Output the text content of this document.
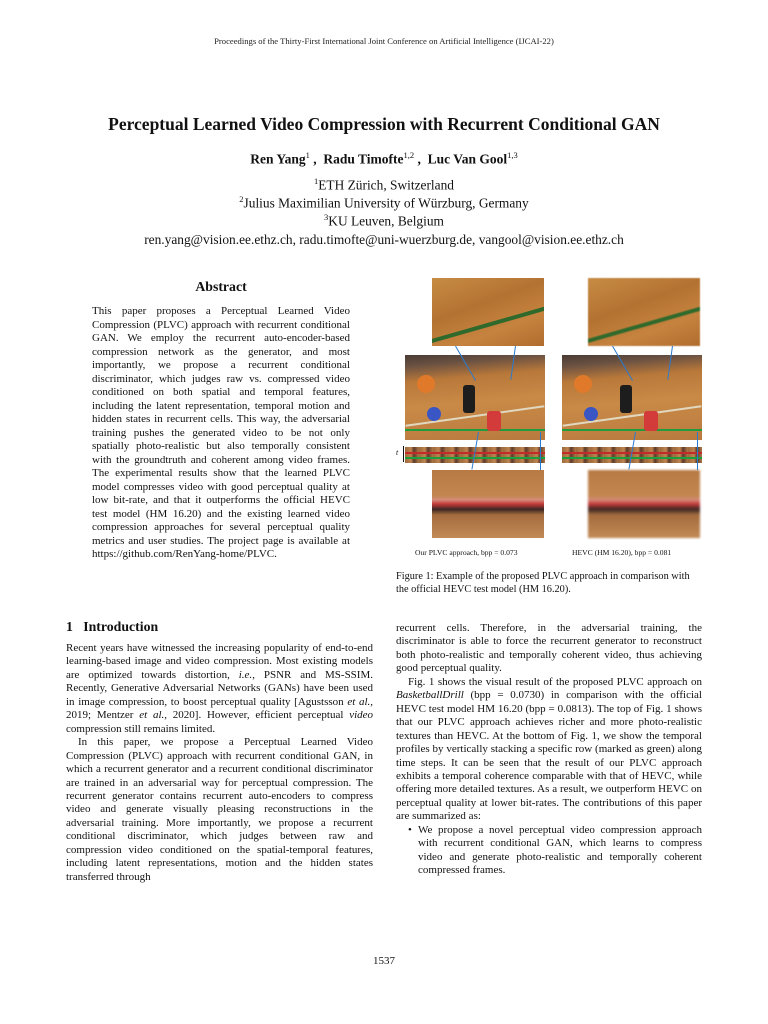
Proceedings of the Thirty-First International Joint Conference on Artificial Intelligence (IJCAI-22)
Perceptual Learned Video Compression with Recurrent Conditional GAN
Ren Yang$^1$ ,  Radu Timofte$^{1,2}$ ,  Luc Van Gool$^{1,3}$
$^1$ETH Zürich, Switzerland
$^2$Julius Maximilian University of Würzburg, Germany
$^3$KU Leuven, Belgium
ren.yang@vision.ee.ethz.ch, radu.timofte@uni-wuerzburg.de, vangool@vision.ee.ethz.ch
Abstract
This paper proposes a Perceptual Learned Video Compression (PLVC) approach with recurrent conditional GAN. We employ the recurrent auto-encoder-based compression network as the generator, and most importantly, we propose a recurrent conditional discriminator, which judges raw vs. compressed video conditioned on both spatial and temporal features, including the latent representation, temporal motion and hidden states in recurrent cells. This way, the adversarial training pushes the generated video to be not only spatially photo-realistic but also temporally consistent with the groundtruth and coherent among video frames. The experimental results show that the learned PLVC model compresses video with good perceptual quality at low bit-rate, and that it outperforms the official HEVC test model (HM 16.20) and the existing learned video compression approaches for several perceptual quality metrics and user studies. The project page is available at https://github.com/RenYang-home/PLVC.
t
Our PLVC approach, bpp = 0.073	HEVC (HM 16.20), bpp = 0.081
Figure 1: Example of the proposed PLVC approach in comparison with the official HEVC test model (HM 16.20).
1 Introduction

Recent years have witnessed the increasing popularity of end-to-end learning-based image and video compression. Most existing models are optimized towards distortion, i.e., PSNR and MS-SSIM. Recently, Generative Adversarial Networks (GANs) have been used in image compression, to boost perceptual quality [Agustsson et al., 2019; Mentzer et al., 2020]. However, efficient perceptual video compression still remains limited.

In this paper, we propose a Perceptual Learned Video Compression (PLVC) approach with recurrent conditional GAN, in which a recurrent generator and a recurrent conditional discriminator are trained in an adversarial way for perceptual compression. The recurrent generator contains recurrent auto-encoders to compress video and generate visually pleasing reconstructions in the adversarial training. More importantly, we propose a recurrent conditional discriminator, which judges between raw and compression video conditioned on the spatial-temporal features, including latent representations, motion and the hidden states transferred through

recurrent cells. Therefore, in the adversarial training, the discriminator is able to force the recurrent generator to reconstruct both photo-realistic and temporally coherent video, thus achieving good perceptual quality.

Fig. 1 shows the visual result of the proposed PLVC approach on BasketballDrill (bpp = 0.0730) in comparison with the official HEVC test model HM 16.20 (bpp = 0.0813). The top of Fig. 1 shows that our PLVC approach achieves richer and more photo-realistic textures than HEVC. At the bottom of Fig. 1, we show the temporal profiles by vertically stacking a specific row (marked as green) along time steps. It can be seen that the result of our PLVC approach exhibits a temporal coherence comparable with that of HEVC, while offering more detailed textures. As a result, we outperform HEVC on perceptual quality at lower bit-rates. The contributions of this paper are summarized as:

• We propose a novel perceptual video compression approach with recurrent conditional GAN, which learns to compress video and generate photo-realistic and temporally coherent compressed frames.

1537
